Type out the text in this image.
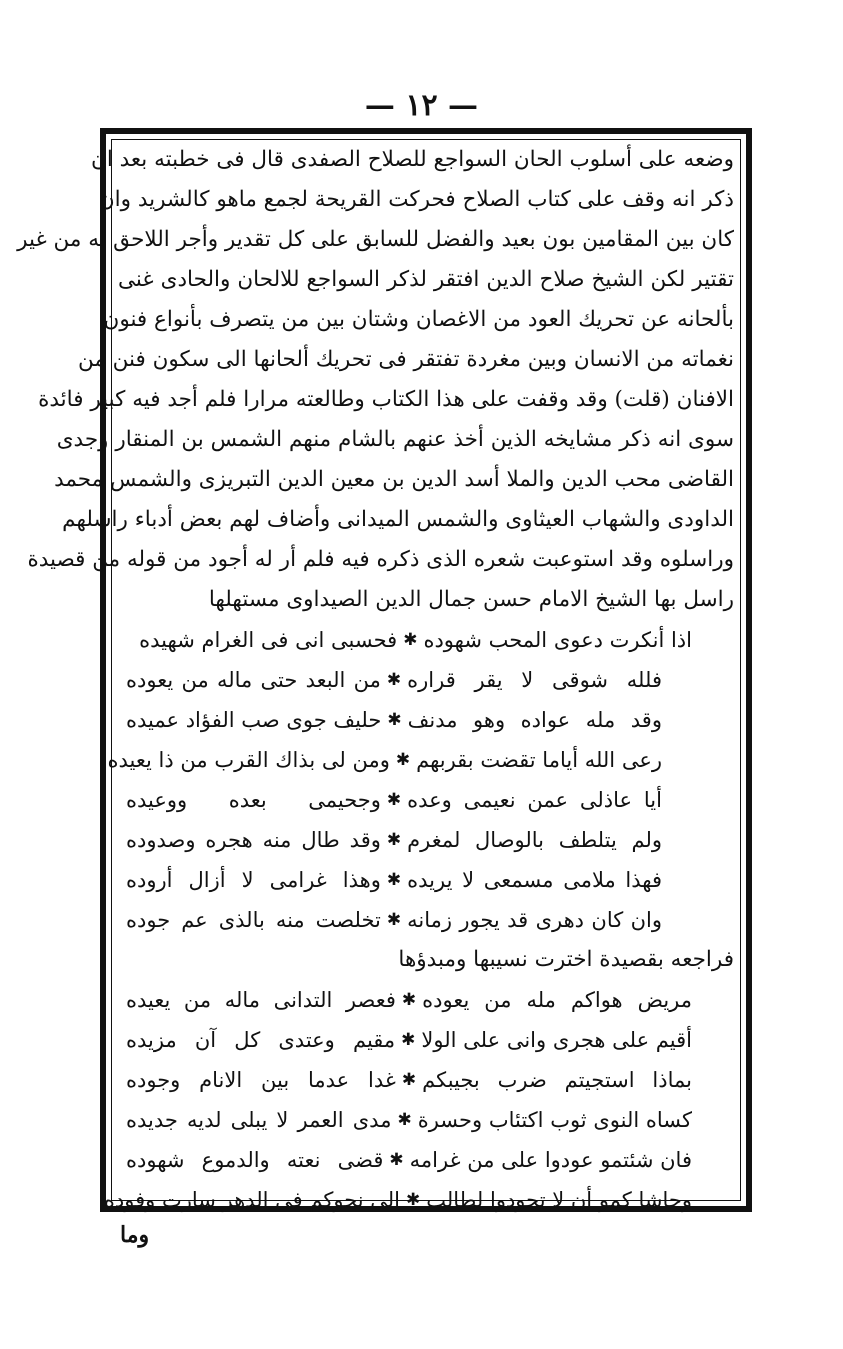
— ١٢ —
وضعه على أسلوب الحان السواجع للصلاح الصفدى قال فى خطبته بعد ان
ذكر انه وقف على كتاب الصلاح فحركت القريحة لجمع ماهو كالشريد وان
كان بين المقامين بون بعيد والفضل للسابق على كل تقدير وأجر اللاحق له من غير
تقتير لكن الشيخ صلاح الدين افتقر لذكر السواجع للالحان والحادى غنى
بألحانه عن تحريك العود من الاغصان وشتان بين من يتصرف بأنواع فنون
نغماته من الانسان وبين مغردة تفتقر فى تحريك ألحانها الى سكون فنن من
الافنان (قلت) وقد وقفت على هذا الكتاب وطالعته مرارا فلم أجد فيه كبير فائدة
سوى انه ذكر مشايخه الذين أخذ عنهم بالشام منهم الشمس بن المنقار وجدى
القاضى محب الدين والملا أسد الدين بن معين الدين التبريزى والشمس محمد
الداودى والشهاب العيثاوى والشمس الميدانى وأضاف لهم بعض أدباء راسلهم
وراسلوه وقد استوعبت شعره الذى ذكره فيه فلم أر له أجود من قوله من قصيدة
راسل بها الشيخ الامام حسن جمال الدين الصيداوى مستهلها
اذا أنكرت دعوى المحب شهوده
✱
فحسبى انى فى الغرام شهيده
فلله شوقى لا يقر قراره
✱
من البعد حتى ماله من يعوده
وقد مله عواده وهو مدنف
✱
حليف جوى صب الفؤاد عميده
رعى الله أياما تقضت بقربهم
✱
ومن لى بذاك القرب من ذا يعيده
أيا عاذلى عمن نعيمى وعده
✱
وجحيمى بعده ووعيده
ولم يتلطف بالوصال لمغرم
✱
وقد طال منه هجره وصدوده
فهذا ملامى مسمعى لا يريده
✱
وهذا غرامى لا أزال أروده
وان كان دهرى قد يجور زمانه
✱
تخلصت منه بالذى عم جوده
فراجعه بقصيدة اخترت نسيبها ومبدؤها
مريض هواكم مله من يعوده
✱
فعصر التدانى ماله من يعيده
أقيم على هجرى وانى على الولا
✱
مقيم وعتدى كل آن مزيده
بماذا استجيتم ضرب بجيبكم
✱
غدا عدما بين الانام وجوده
كساه النوى ثوب اكتئاب وحسرة
✱
مدى العمر لا يبلى لديه جديده
فان شئتمو عودوا على من غرامه
✱
قضى نعته والدموع شهوده
وحاشا كمو أن لا تجودوا لطالب
✱
الى نحوكم فى الدهر سارت وفوده
وما
